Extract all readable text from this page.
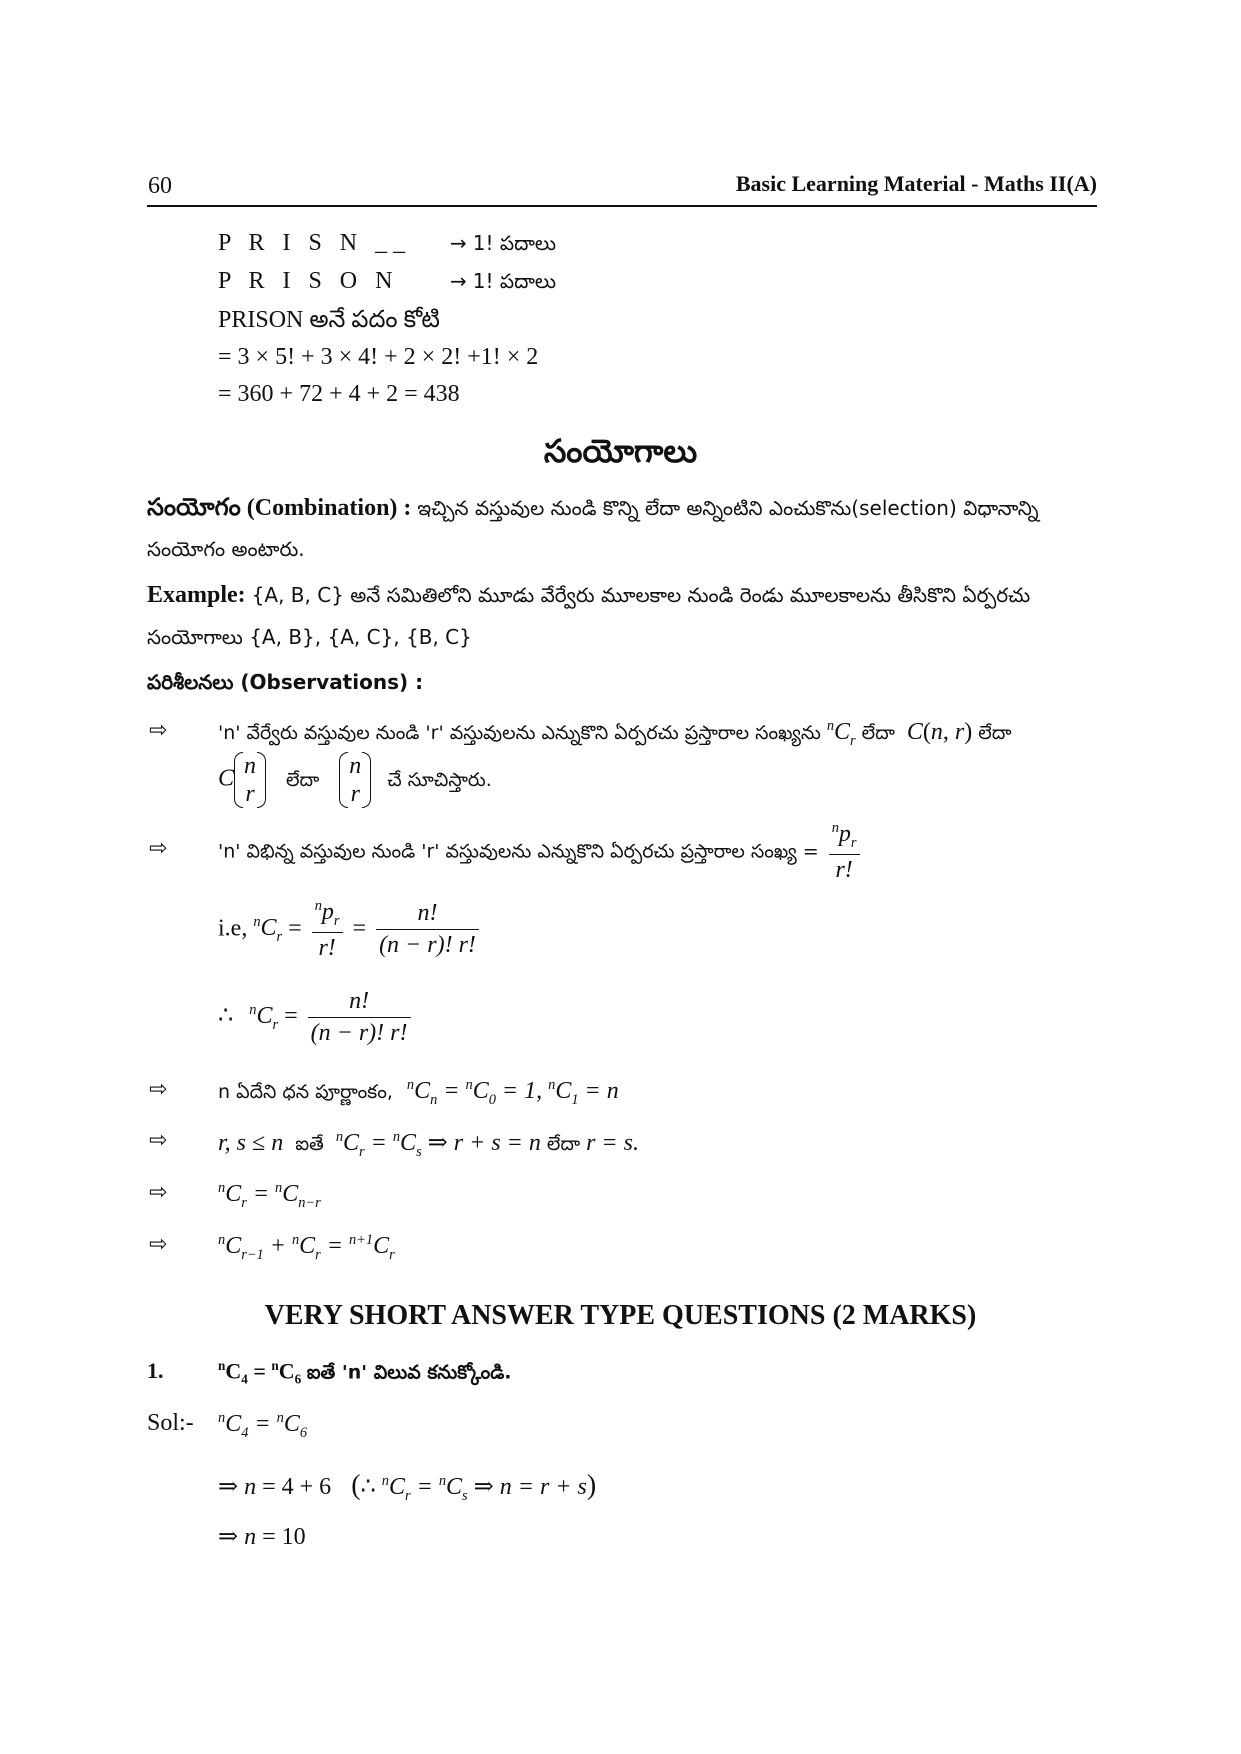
60	Basic Learning Material - Maths II(A)
P R I S N __ → 1! పదాలు
P R I S O N	→ 1! పదాలు
PRISON అనే పదం కోటి
= 3 × 5! + 3 × 4! + 2 × 2! +1! × 2
= 360 + 72 + 4 + 2 = 438
సంయోగాలు
సంయోగం (Combination) : ఇచ్చిన వస్తువుల నుండి కొన్ని లేదా అన్నింటిని ఎంచుకొను(selection) విధానాన్ని
సంయోగం అంటారు.
Example: {A, B, C} అనే సమితిలోని మూడు వేర్వేరు మూలకాల నుండి రెండు మూలకాలను తీసికొని ఏర్పరచు
సంయోగాలు {A, B}, {A, C}, {B, C}
పరిశీలనలు (Observations) :
⇨	'n' వేర్వేరు వస్తువుల నుండి 'r' వస్తువులను ఎన్నుకొని ఏర్పరచు ప్రస్తారాల సంఖ్యను $^nC_r$ లేదా C(n, r) లేదా
C n
r
లేదా
n
r
చే సూచిస్తారు.
⇨	'n' విభిన్న వస్తువుల నుండి 'r' వస్తువులను ఎన్నుకొని ఏర్పరచు ప్రస్తారాల సంఖ్య = $\frac{^np_r}{r!}$
i.e, $^nC_r = \frac{^np_r}{r!} = \frac{n!}{(n - r)! r!}$
∴ $^nC_r = \frac{n!}{(n - r)! r!}$
⇨	n ఏదేని ధన పూర్ణాంకం, $^nC_n = ^nC_0 = 1$, $^nC_1 = n$
⇨ r, s ≤ n ఐతే $^nC_r = ^nC_s$ ⇒ r + s = n లేదా r = s.
⇨	$^nC_r = ^nC_{n-r}$
⇨	$^nC_{r-1} + ^nC_r = ^{n+1}C_r$
VERY SHORT ANSWER TYPE QUESTIONS (2 MARKS)
1.	$^nC_4 = ^nC_6$ ఐతే 'n' విలువ కనుక్కోండి.
Sol:- $^nC_4 = ^nC_6$
⇒ n = 4 + 6 (∴ $^nC_r = ^nC_s$ ⇒ n = r + s)
⇒ n = 10
